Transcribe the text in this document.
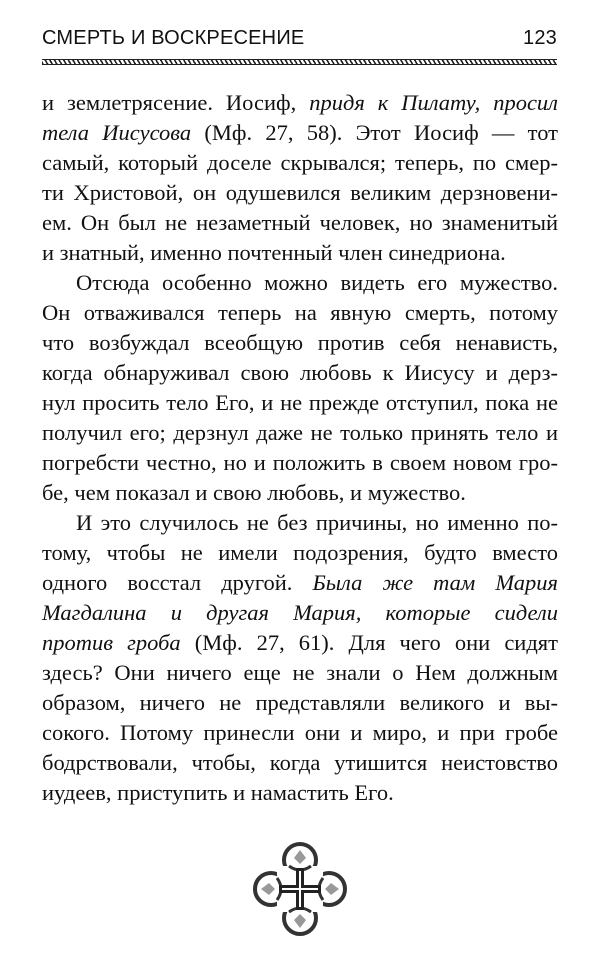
СМЕРТЬ И ВОСКРЕСЕНИЕ	123
и землетрясение. Иосиф, придя к Пилату, просил
тела Иисусова (Мф. 27, 58). Этот Иосиф — тот
самый, который доселе скрывался; теперь, по смер-
ти Христовой, он одушевился великим дерзновени-
ем. Он был не незаметный человек, но знаменитый
и знатный, именно почтенный член синедриона.
Отсюда особенно можно видеть его мужество.
Он отваживался теперь на явную смерть, потому
что возбуждал всеобщую против себя ненависть,
когда обнаруживал свою любовь к Иисусу и дерз-
нул просить тело Его, и не прежде отступил, пока не
получил его; дерзнул даже не только принять тело и
погребсти честно, но и положить в своем новом гро-
бе, чем показал и свою любовь, и мужество.
И это случилось не без причины, но именно по-
тому, чтобы не имели подозрения, будто вместо
одного восстал другой. Была же там Мария
Магдалина и другая Мария, которые сидели
против гроба (Мф. 27, 61). Для чего они сидят
здесь? Они ничего еще не знали о Нем должным
образом, ничего не представляли великого и вы-
сокого. Потому принесли они и миро, и при гробе
бодрствовали, чтобы, когда утишится неистовство
иудеев, приступить и намастить Его.
